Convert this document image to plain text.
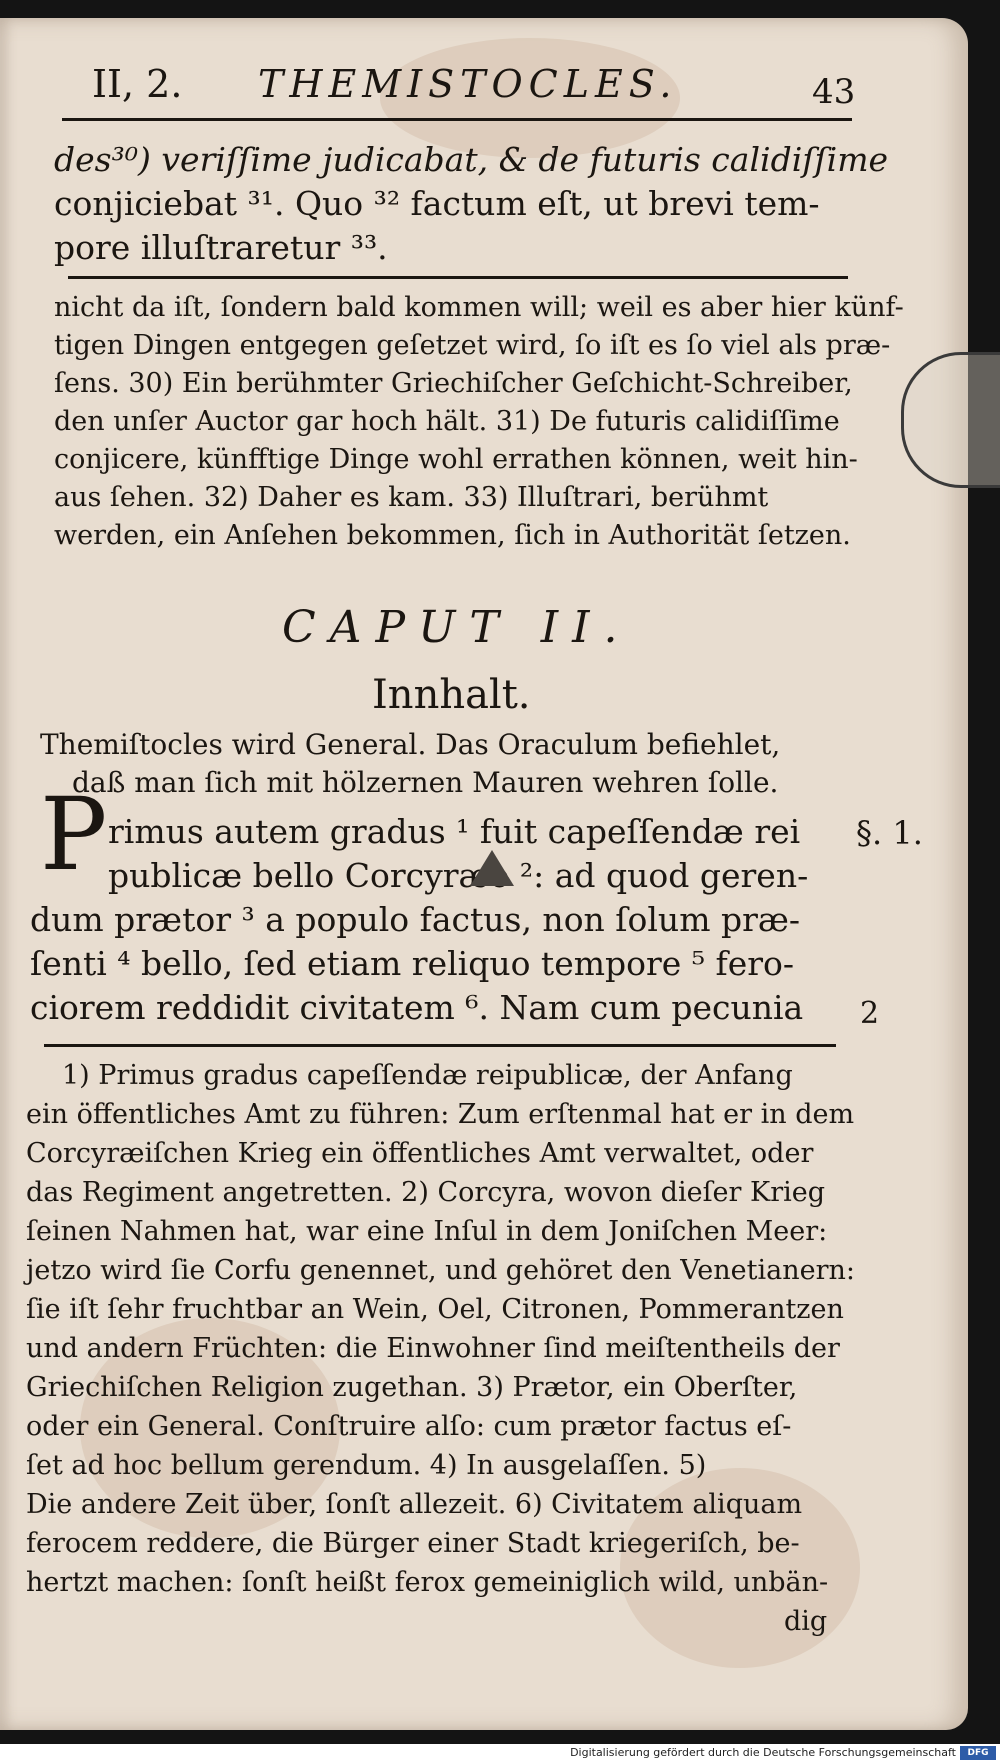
II, 2. THEMISTOCLES.	43
des³⁰) veriſſime judicabat, & de futuris calidiſſime
conjiciebat ³¹. Quo ³² factum eſt, ut brevi tem-
pore illuſtraretur ³³.
nicht da iſt, ſondern bald kommen will; weil es aber hier künf-
tigen Dingen entgegen geſetzet wird, ſo iſt es ſo viel als præ-
ſens. 30) Ein berühmter Griechiſcher Geſchicht-Schreiber,
den unſer Auctor gar hoch hält. 31) De futuris calidiſſime
conjicere, künfftige Dinge wohl errathen können, weit hin-
aus ſehen. 32) Daher es kam. 33) Illuſtrari, berühmt
werden, ein Anſehen bekommen, ſich in Authorität ſetzen.
CAPUT II.
Innhalt.
Themiſtocles wird General. Das Oraculum befiehlet,
daß man ſich mit hölzernen Mauren wehren ſolle.
P rimus autem gradus ¹ fuit capeſſendæ rei §. 1.
publicæ bello Corcyræo ²: ad quod geren-
dum prætor ³ a populo factus, non ſolum præ-
ſenti ⁴ bello, ſed etiam reliquo tempore ⁵ fero-
ciorem reddidit civitatem ⁶. Nam cum pecunia 2
1) Primus gradus capeſſendæ reipublicæ, der Anfang
ein öffentliches Amt zu führen: Zum erſtenmal hat er in dem
Corcyræiſchen Krieg ein öffentliches Amt verwaltet, oder
das Regiment angetretten. 2) Corcyra, wovon dieſer Krieg
ſeinen Nahmen hat, war eine Inſul in dem Joniſchen Meer:
jetzo wird ſie Corfu genennet, und gehöret den Venetianern:
ſie iſt ſehr fruchtbar an Wein, Oel, Citronen, Pommerantzen
und andern Früchten: die Einwohner ſind meiſtentheils der
Griechiſchen Religion zugethan. 3) Prætor, ein Oberſter,
oder ein General. Conſtruire alſo: cum prætor factus eſ-
ſet ad hoc bellum gerendum. 4) In ausgelaſſen. 5)
Die andere Zeit über, ſonſt allezeit. 6) Civitatem aliquam
ferocem reddere, die Bürger einer Stadt kriegeriſch, be-
hertzt machen: ſonſt heißt ferox gemeiniglich wild, unbän-
dig
Digitalisierung gefördert durch die Deutsche Forschungsgemeinschaft	DFG
